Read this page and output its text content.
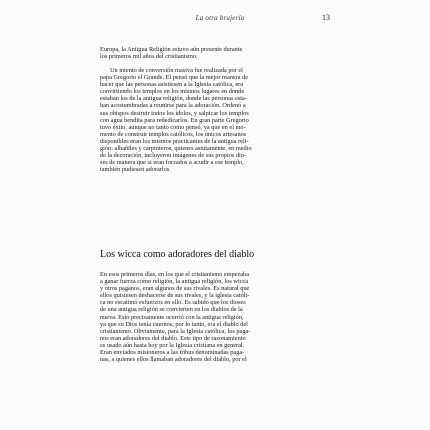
La otra brujería	13
Europa, la Antigua Religión estuvo aún presente durante
los primeros mil años del cristianismo.
Un intento de conversión masiva fue realizada por el
papa Gregorio el Grande. El pensó que la mejor manera de
hacer que las personas asistiesen a la Iglesia católica, era
convirtiendo los templos en los mismos lugares en donde
estaban los de la antigua religión, donde las personas esta-
ban acostumbradas a reunirse para la adoración. Ordenó a
sus obispos destruir todos los ídolos, y salpicar los templos
con agua bendita para rededicarlos. En gran parte Gregorio
tuvo éxito, aunque no tanto como pensó, ya que en el mo-
mento de construir templos católicos, los únicos artesanos
disponibles eran los mismos practicantes de la antigua reli-
gión: albañiles y carpinteros, quienes astutamente, en medio
de la decoración, incluyeron imágenes de sus propios dio-
ses de manera que si eran forzados a acudir a ese templo,
también pudiesen adorarlos.
Los wicca como adoradores del diablo
En esos primeros días, en los que el cristianismo empezaba
a ganar fuerza como religión, la antigua religión, los wicca
y otros paganos, eran algunos de sus rivales. Es natural que
ellos quisiesen deshacerse de sus rivales, y la iglesia católi-
ca no escatimó esfuerzos en ello. Es sabido que los dioses
de una antigua religión se convierten en los diablos de la
nueva. Esto precisamente ocurrió con la antigua religión,
ya que su Dios tenía cuernos, por lo tanto, era el diablo del
cristianismo. Obviamente, para la Iglesia católica, los paga-
nos eran adoradores del diablo. Este tipo de razonamiento
es usado aún hasta hoy por la Iglesia cristiana en general.
Eran enviados misioneros a las tribus denominadas paga-
nas, a quienes ellos llamaban adoradores del diablo, por el
